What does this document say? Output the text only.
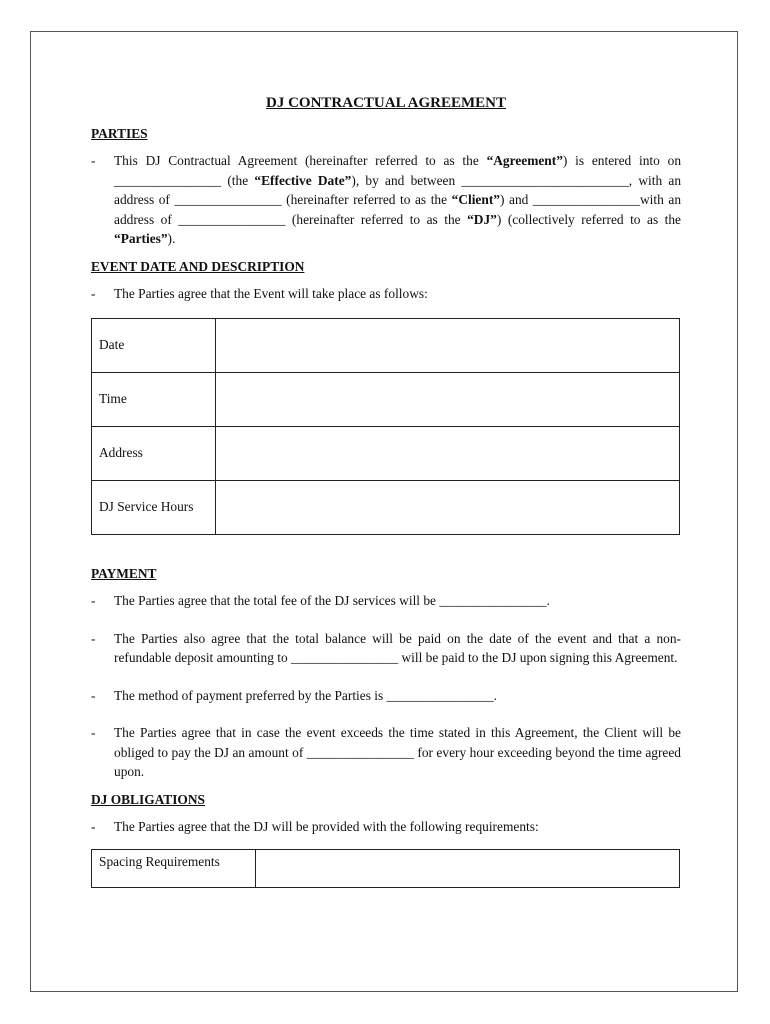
DJ CONTRACTUAL AGREEMENT
PARTIES

- This DJ Contractual Agreement (hereinafter referred to as the “Agreement”) is entered into on ________________ (the “Effective Date”), by and between _________________________, with an address of ________________ (hereinafter referred to as the “Client”) and ________________with an address of ________________ (hereinafter referred to as the “DJ”) (collectively referred to as the “Parties”).

EVENT DATE AND DESCRIPTION

- The Parties agree that the Event will take place as follows:

Date	
Time	
Address	
DJ Service Hours	
PAYMENT

- The Parties agree that the total fee of the DJ services will be ________________.

- The Parties also agree that the total balance will be paid on the date of the event and that a non-refundable deposit amounting to ________________ will be paid to the DJ upon signing this Agreement.

- The method of payment preferred by the Parties is ________________.

- The Parties agree that in case the event exceeds the time stated in this Agreement, the Client will be obliged to pay the DJ an amount of ________________ for every hour exceeding beyond the time agreed upon.

DJ OBLIGATIONS

- The Parties agree that the DJ will be provided with the following requirements:

Spacing Requirements	
